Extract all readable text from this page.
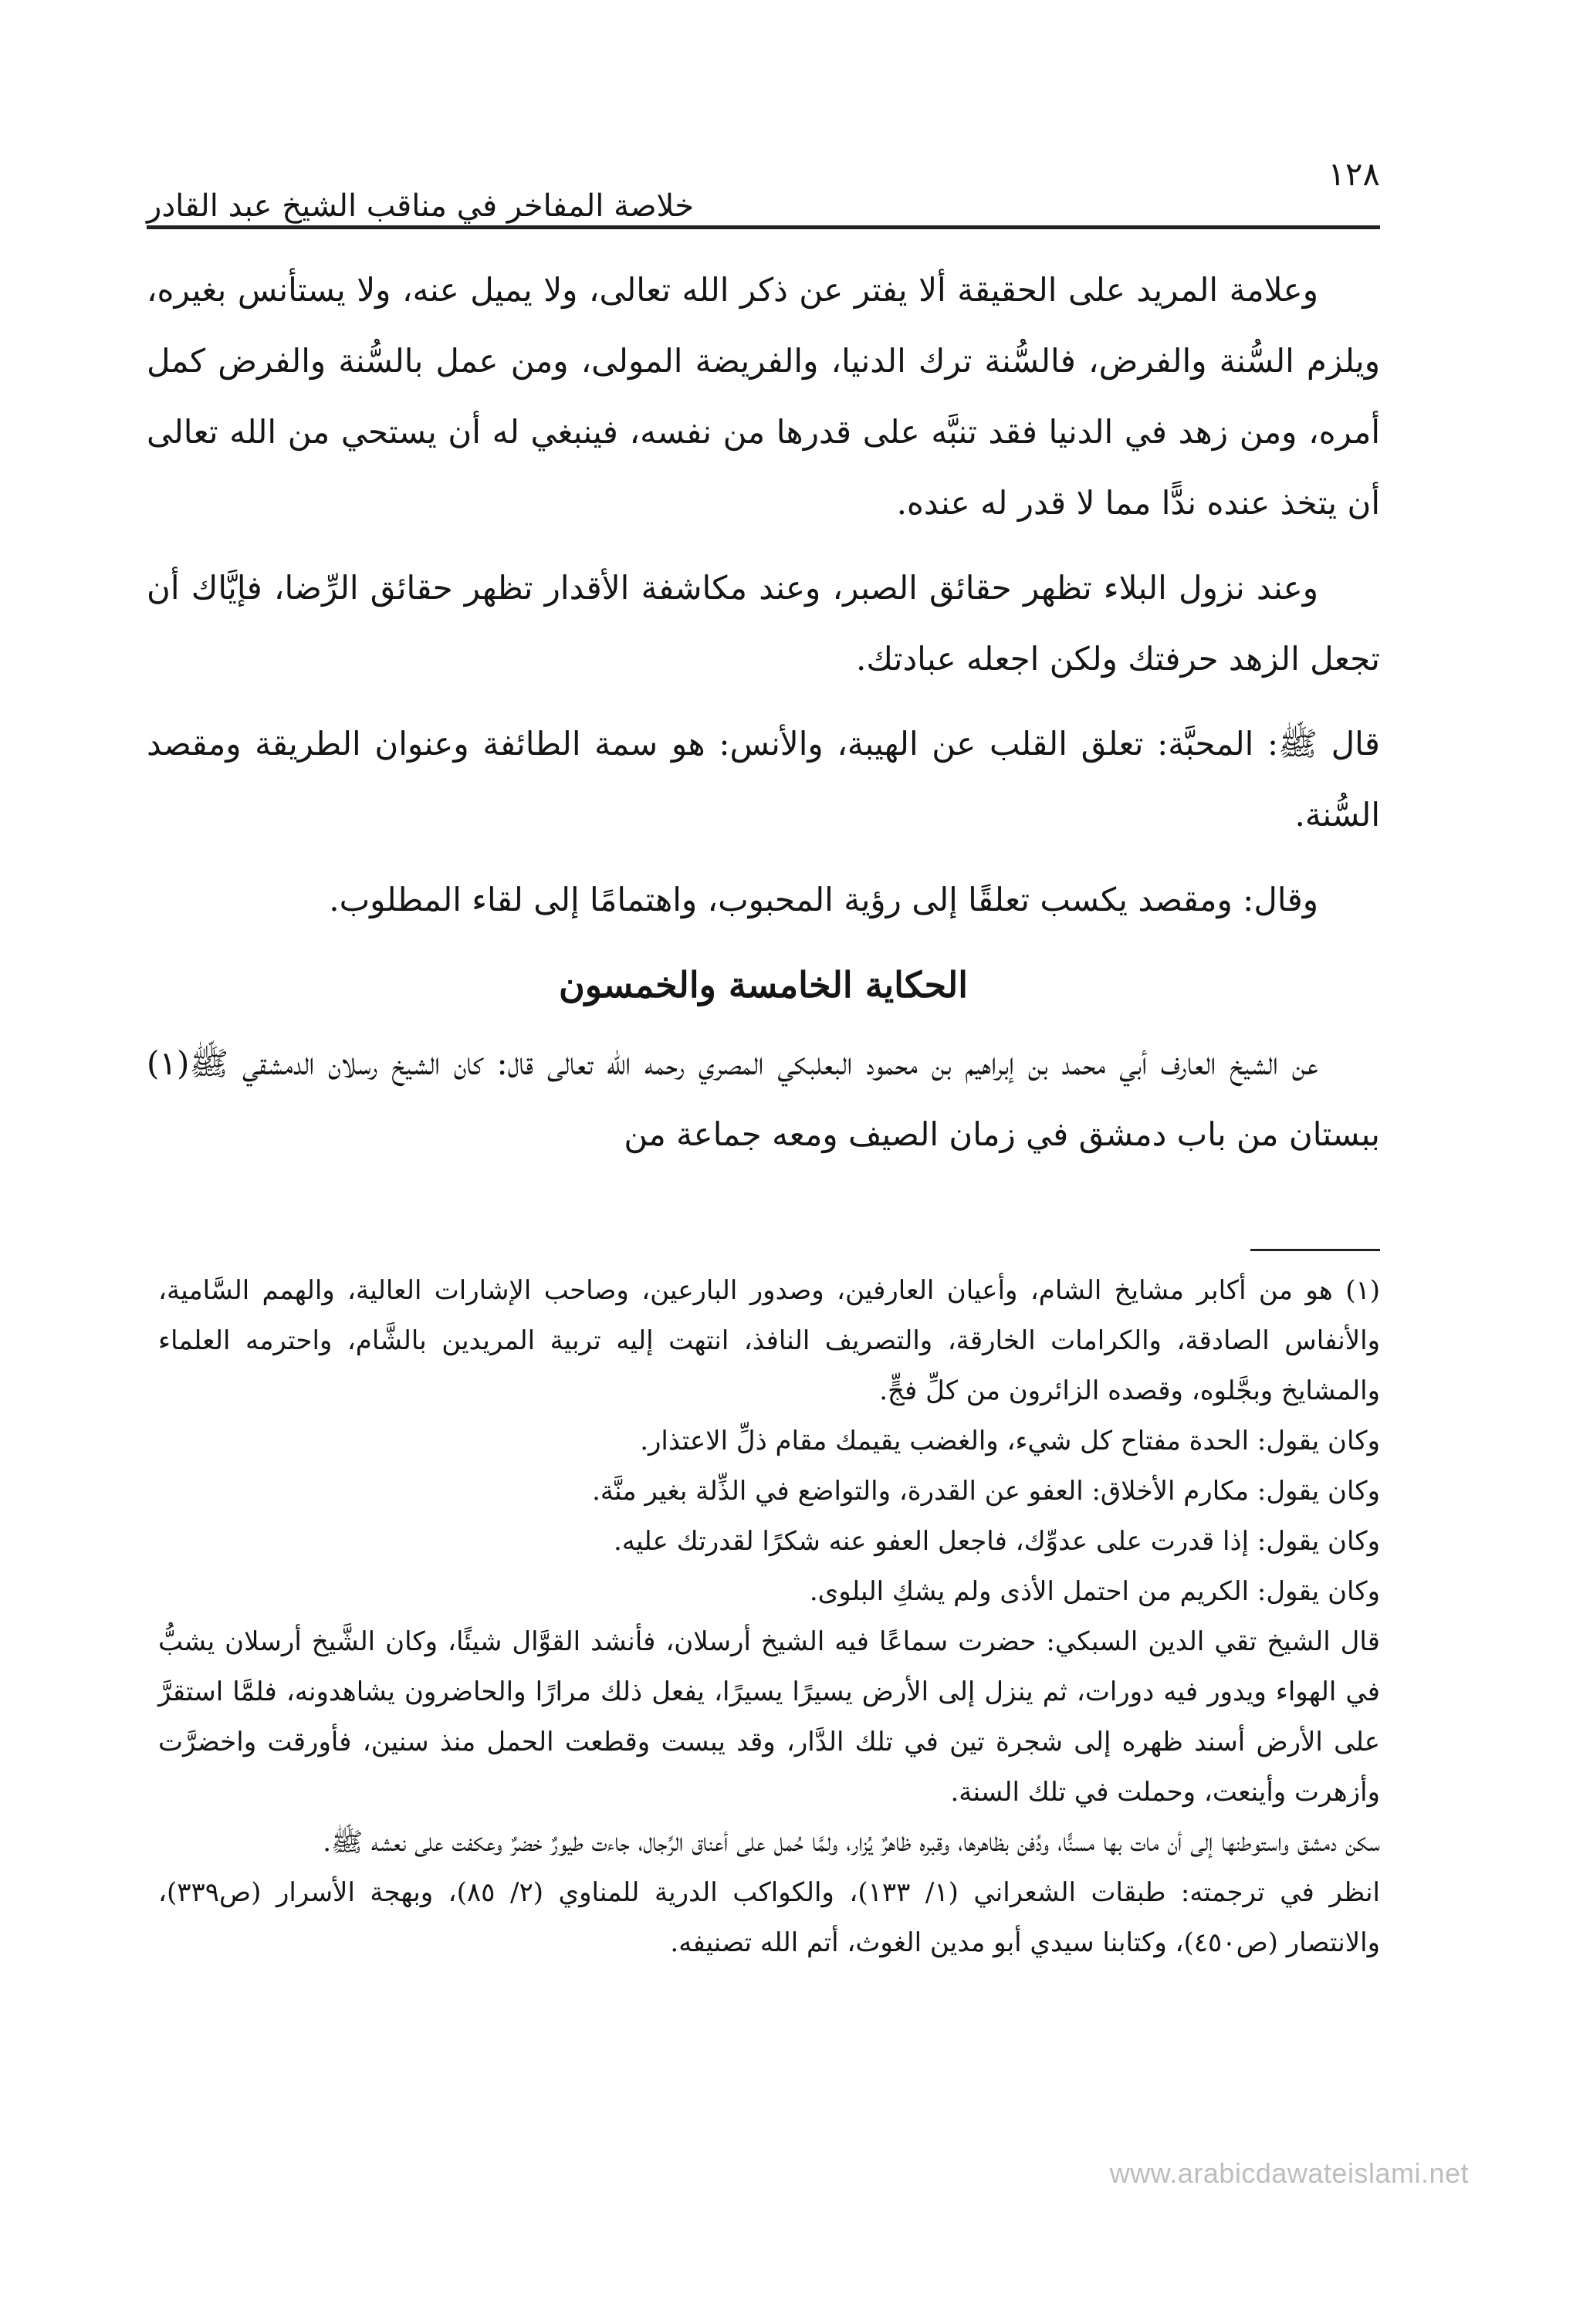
خلاصة المفاخر في مناقب الشيخ عبد القادر
١٢٨

وعلامة المريد على الحقيقة ألا يفتر عن ذكر الله تعالى، ولا يميل عنه، ولا يستأنس بغيره، ويلزم السُّنة والفرض، فالسُّنة ترك الدنيا، والفريضة المولى، ومن عمل بالسُّنة والفرض كمل أمره، ومن زهد في الدنيا فقد تنبَّه على قدرها من نفسه، فينبغي له أن يستحي من الله تعالى أن يتخذ عنده ندًّا مما لا قدر له عنده.

وعند نزول البلاء تظهر حقائق الصبر، وعند مكاشفة الأقدار تظهر حقائق الرِّضا، فإيَّاك أن تجعل الزهد حرفتك ولكن اجعله عبادتك.

قال ﷺ: المحبَّة: تعلق القلب عن الهيبة، والأنس: هو سمة الطائفة وعنوان الطريقة ومقصد السُّنة.

وقال: ومقصد يكسب تعلقًا إلى رؤية المحبوب، واهتمامًا إلى لقاء المطلوب.

الحكاية الخامسة والخمسون

عن الشيخ العارف أبي محمد بن إبراهيم بن محمود البعلبكي المصري رحمه الله تعالى قال: كان الشيخ رسلان الدمشقي ﷺ(١) ببستان من باب دمشق في زمان الصيف ومعه جماعة من

(١) هو من أكابر مشايخ الشام، وأعيان العارفين، وصدور البارعين، وصاحب الإشارات العالية، والهمم السَّامية، والأنفاس الصادقة، والكرامات الخارقة، والتصريف النافذ، انتهت إليه تربية المريدين بالشَّام، واحترمه العلماء والمشايخ وبجَّلوه، وقصده الزائرون من كلِّ فجٍّ.

وكان يقول: الحدة مفتاح كل شيء، والغضب يقيمك مقام ذلِّ الاعتذار.

وكان يقول: مكارم الأخلاق: العفو عن القدرة، والتواضع في الذِّلة بغير منَّة.

وكان يقول: إذا قدرت على عدوِّك، فاجعل العفو عنه شكرًا لقدرتك عليه.

وكان يقول: الكريم من احتمل الأذى ولم يشكِ البلوى.

قال الشيخ تقي الدين السبكي: حضرت سماعًا فيه الشيخ أرسلان، فأنشد القوَّال شيئًا، وكان الشَّيخ أرسلان يشبُّ في الهواء ويدور فيه دورات، ثم ينزل إلى الأرض يسيرًا يسيرًا، يفعل ذلك مرارًا والحاضرون يشاهدونه، فلمَّا استقرَّ على الأرض أسند ظهره إلى شجرة تين في تلك الدَّار، وقد يبست وقطعت الحمل منذ سنين، فأورقت واخضرَّت وأزهرت وأينعت، وحملت في تلك السنة.

سكن دمشق واستوطنها إلى أن مات بها مسنًّا، ودُفن بظاهرها، وقبره ظاهرٌ يُزار، ولمَّا حُمل على أعناق الرِّجال، جاءت طيورٌ خضرٌ وعكفت على نعشه ﷺ.

انظر في ترجمته: طبقات الشعراني (١/ ١٣٣)، والكواكب الدرية للمناوي (٢/ ٨٥)، وبهجة الأسرار (ص٣٣٩)، والانتصار (ص٤٥٠)، وكتابنا سيدي أبو مدين الغوث، أتم الله تصنيفه.

www.arabicdawateislami.net
